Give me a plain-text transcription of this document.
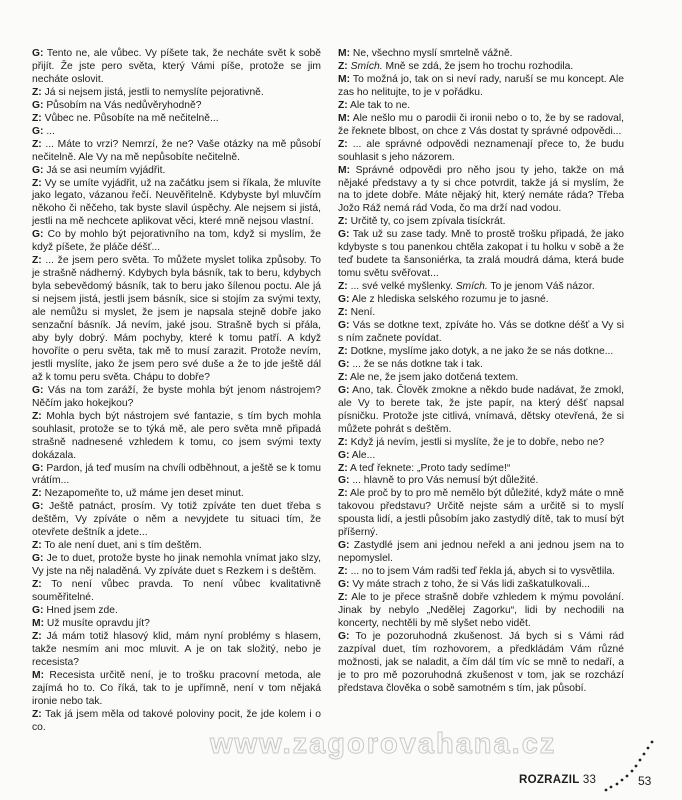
G: Tento ne, ale vůbec. Vy píšete tak, že necháte svět k sobě přijít. Že jste pero světa, který Vámi píše, protože se jim necháte oslovit.

Z: Já si nejsem jistá, jestli to nemyslíte pejorativně.

G: Působím na Vás nedůvěryhodně?

Z: Vůbec ne. Působíte na mě nečitelně...

G: ...

Z: ... Máte to vrzi? Nemrzí, že ne? Vaše otázky na mě působí nečitelně. Ale Vy na mě nepůsobíte nečitelně.

G: Já se asi neumím vyjádřit.

Z: Vy se umíte vyjádřit, už na začátku jsem si říkala, že mluvíte jako legato, vázanou řečí. Neuvěřitelně. Kdybyste byl mluvčím někoho či něčeho, tak byste slavil úspěchy. Ale nejsem si jistá, jestli na mě nechcete aplikovat věci, které mně nejsou vlastní.

G: Co by mohlo být pejorativního na tom, když si myslím, že když píšete, že pláče déšť...

Z: ... že jsem pero světa. To můžete myslet tolika způsoby. To je strašně nádherný. Kdybych byla básník, tak to beru, kdybych byla sebevědomý básník, tak to beru jako šílenou poctu. Ale já si nejsem jistá, jestli jsem básník, sice si stojím za svými texty, ale nemůžu si myslet, že jsem je napsala stejně dobře jako senzační básník. Já nevím, jaké jsou. Strašně bych si přála, aby byly dobrý. Mám pochyby, které k tomu patří. A když hovoříte o peru světa, tak mě to musí zarazit. Protože nevím, jestli myslíte, jako že jsem pero své duše a že to jde ještě dál až k tomu peru světa. Chápu to dobře?

G: Vás na tom zaráží, že byste mohla být jenom nástrojem? Něčím jako hokejkou?

Z: Mohla bych být nástrojem své fantazie, s tím bych mohla souhlasit, protože se to týká mě, ale pero světa mně připadá strašně nadnesené vzhledem k tomu, co jsem svými texty dokázala.

G: Pardon, já teď musím na chvíli odběhnout, a ještě se k tomu vrátím...

Z: Nezapomeňte to, už máme jen deset minut.

G: Ještě patnáct, prosím. Vy totiž zpíváte ten duet třeba s deštěm, Vy zpíváte o něm a nevyjdete tu situaci tím, že otevřete deštník a jdete...

Z: To ale není duet, ani s tím deštěm.

G: Je to duet, protože byste ho jinak nemohla vnímat jako slzy, Vy jste na něj naladěná. Vy zpíváte duet s Rezkem i s deštěm.

Z: To není vůbec pravda. To není vůbec kvalitativně souměřitelné.

G: Hned jsem zde.

M: Už musíte opravdu jít?

Z: Já mám totiž hlasový klid, mám nyní problémy s hlasem, takže nesmím ani moc mluvit. A je on tak složitý, nebo je recesista?

M: Recesista určitě není, je to trošku pracovní metoda, ale zajímá ho to. Co říká, tak to je upřímně, není v tom nějaká ironie nebo tak.

Z: Tak já jsem měla od takové poloviny pocit, že jde kolem i o co.

M: Ne, všechno myslí smrtelně vážně.

Z: Smích. Mně se zdá, že jsem ho trochu rozhodila.

M: To možná jo, tak on si neví rady, naruší se mu koncept. Ale zas ho nelitujte, to je v pořádku.

Z: Ale tak to ne.

M: Ale nešlo mu o parodii či ironii nebo o to, že by se radoval, že řeknete blbost, on chce z Vás dostat ty správné odpovědi...

Z: ... ale správné odpovědi neznamenají přece to, že budu souhlasit s jeho názorem.

M: Správné odpovědi pro něho jsou ty jeho, takže on má nějaké představy a ty si chce potvrdit, takže já si myslím, že na to jdete dobře. Máte nějaký hit, který nemáte ráda? Třeba Jožo Ráž nemá rád Voda, čo ma drží nad vodou.

Z: Určitě ty, co jsem zpívala tisíckrát.

G: Tak už su zase tady. Mně to prostě trošku připadá, že jako kdybyste s tou panenkou chtěla zakopat i tu holku v sobě a že teď budete ta šansoniérka, ta zralá moudrá dáma, která bude tomu světu svěřovat...

Z: ... své velké myšlenky. Smích. To je jenom Váš názor.

G: Ale z hlediska selského rozumu je to jasné.

Z: Není.

G: Vás se dotkne text, zpíváte ho. Vás se dotkne déšť a Vy si s ním začnete povídat.

Z: Dotkne, myslíme jako dotyk, a ne jako že se nás dotkne...

G: ... že se nás dotkne tak i tak.

Z: Ale ne, že jsem jako dotčená textem.

G: Ano, tak. Člověk zmokne a někdo bude nadávat, že zmokl, ale Vy to berete tak, že jste papír, na který déšť napsal písničku. Protože jste citlivá, vnímavá, dětsky otevřená, že si můžete pohrát s deštěm.

Z: Když já nevím, jestli si myslíte, že je to dobře, nebo ne?

G: Ale...

Z: A teď řeknete: „Proto tady sedíme!“

G: ... hlavně to pro Vás nemusí být důležité.

Z: Ale proč by to pro mě nemělo být důležité, když máte o mně takovou představu? Určitě nejste sám a určitě si to myslí spousta lidí, a jestli působím jako zastydlý dítě, tak to musí být příšerný.

G: Zastydlé jsem ani jednou neřekl a ani jednou jsem na to nepomyslel.

Z: ... no to jsem Vám radši teď řekla já, abych si to vysvětlila.

G: Vy máte strach z toho, že si Vás lidi zaškatulkovali...

Z: Ale to je přece strašně dobře vzhledem k mýmu povolání. Jinak by nebylo „Nedělej Zagorku“, lidi by nechodili na koncerty, nechtěli by mě slyšet nebo vidět.

G: To je pozoruhodná zkušenost. Já bych si s Vámi rád zazpíval duet, tím rozhovorem, a předkládám Vám různé možnosti, jak se naladit, a čím dál tím víc se mně to nedaří, a je to pro mě pozoruhodná zkušenost v tom, jak se rozchází představa člověka o sobě samotném s tím, jak působí.

www.zagorovahana.cz
ROZRAZIL 33	53
